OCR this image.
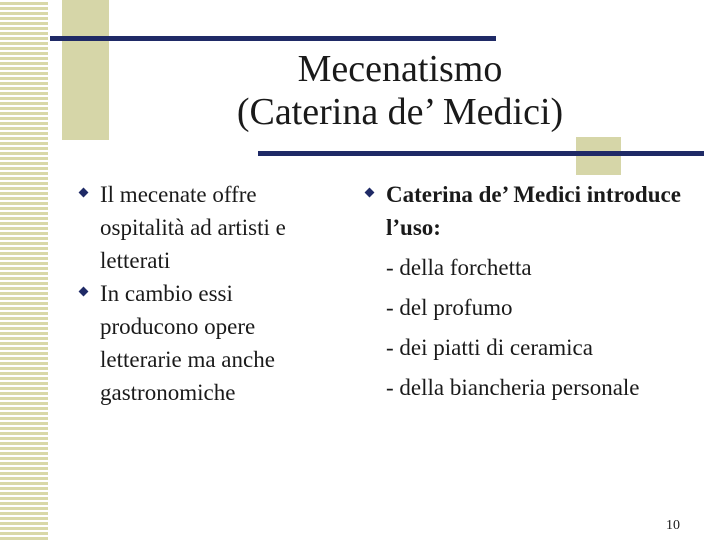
Mecenatismo
(Caterina de’ Medici)
Il mecenate offre ospitalità ad artisti e letterati
In cambio essi producono opere letterarie ma anche gastronomiche
Caterina de’ Medici introduce l’uso:
- della forchetta
- del profumo
- dei piatti di ceramica
- della biancheria personale
10
